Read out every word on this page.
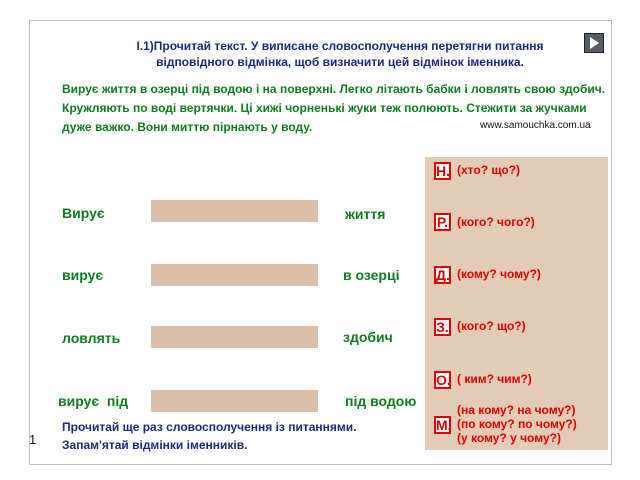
І.1)Прочитай текст. У виписане словосполучення перетягни питання відповідного відмінка, щоб визначити цей відмінок іменника.
Вирує життя в озерці під водою і на поверхні. Легко літають бабки і ловлять свою здобич. Кружляють по воді вертячки. Ці хижі чорненькі жуки теж полюють. Стежити за жучками дуже важко. Вони миттю пірнають у воду.	www.samouchka.com.ua
Н. (хто? що?)
Р. (кого? чого?)
Д. (кому? чому?)
З. (кого? що?)
О. ( ким? чим?)
М.
(на кому? на чому?)
(по кому? по чому?)
(у кому? у чому?)
Вирує	життя
вирує	в озерці
ловлять	здобич
вирує  під	під водою
Прочитай ще раз словосполучення із питаннями.
Запам'ятай відмінки іменників.
1
